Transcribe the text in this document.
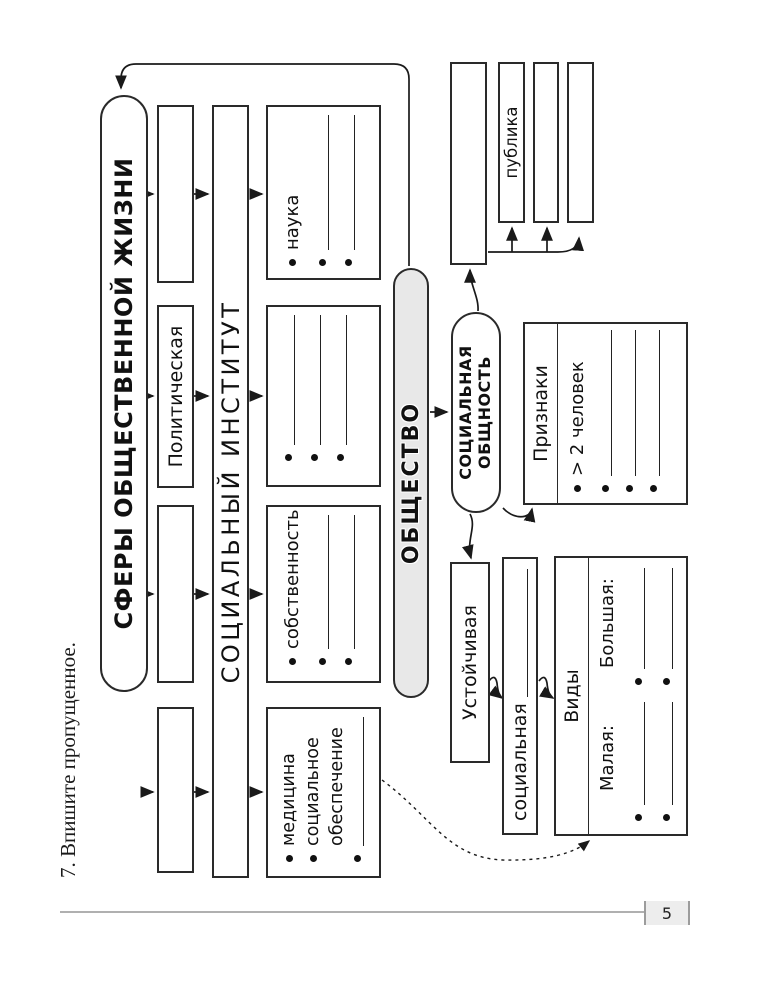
7. Впишите пропущенное.
СФЕРЫ ОБЩЕСТВЕННОЙ ЖИЗНИ Политическая СОЦИАЛЬНЫЙ ИНСТИТУТ
медицина социальное обеспечение
собственность
наука
ОБЩЕСТВО СОЦИАЛЬНАЯ ОБЩНОСТЬ
публика
Признаки > 2 человек
Устойчивая
социальная
Виды
Малая:
Большая:
5
